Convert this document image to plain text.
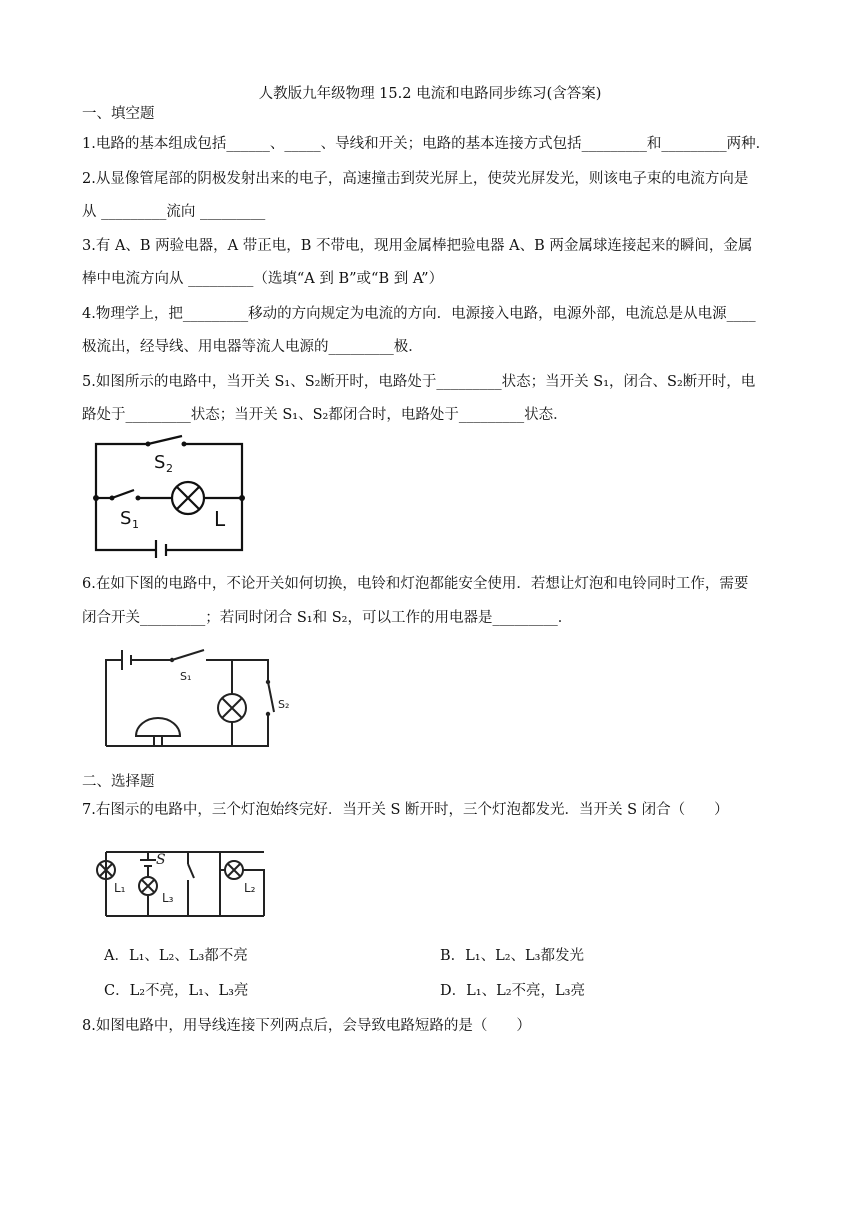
人教版九年级物理 15.2 电流和电路同步练习(含答案)
一、填空题
1.电路的基本组成包括______、_____、导线和开关；电路的基本连接方式包括_________和_________两种．
2.从显像管尾部的阴极发射出来的电子，高速撞击到荧光屏上，使荧光屏发光，则该电子束的电流方向是
从 _________流向 _________
3.有 A、B 两验电器，A 带正电，B 不带电，现用金属棒把验电器 A、B 两金属球连接起来的瞬间，金属
棒中电流方向从 _________（选填“A 到 B”或“B 到 A”）
4.物理学上，把_________移动的方向规定为电流的方向．电源接入电路，电源外部，电流总是从电源____
极流出，经导线、用电器等流人电源的_________极．
5.如图所示的电路中，当开关 S₁、S₂断开时，电路处于_________状态；当开关 S₁，闭合、S₂断开时，电
路处于_________状态；当开关 S₁、S₂都闭合时，电路处于_________状态．
S 2
S 1	L
6.在如下图的电路中，不论开关如何切换，电铃和灯泡都能安全使用．若想让灯泡和电铃同时工作，需要
闭合开关_________；若同时闭合 S₁和 S₂，可以工作的用电器是_________．
S₁
S₂
二、选择题
7.右图示的电路中，三个灯泡始终完好．当开关 S 断开时，三个灯泡都发光．当开关 S 闭合（　　）
S
L₁	L₂
L₃
A．L₁、L₂、L₃都不亮	B．L₁、L₂、L₃都发光
C．L₂不亮，L₁、L₃亮	D．L₁、L₂不亮，L₃亮
8.如图电路中，用导线连接下列两点后，会导致电路短路的是（　　）
